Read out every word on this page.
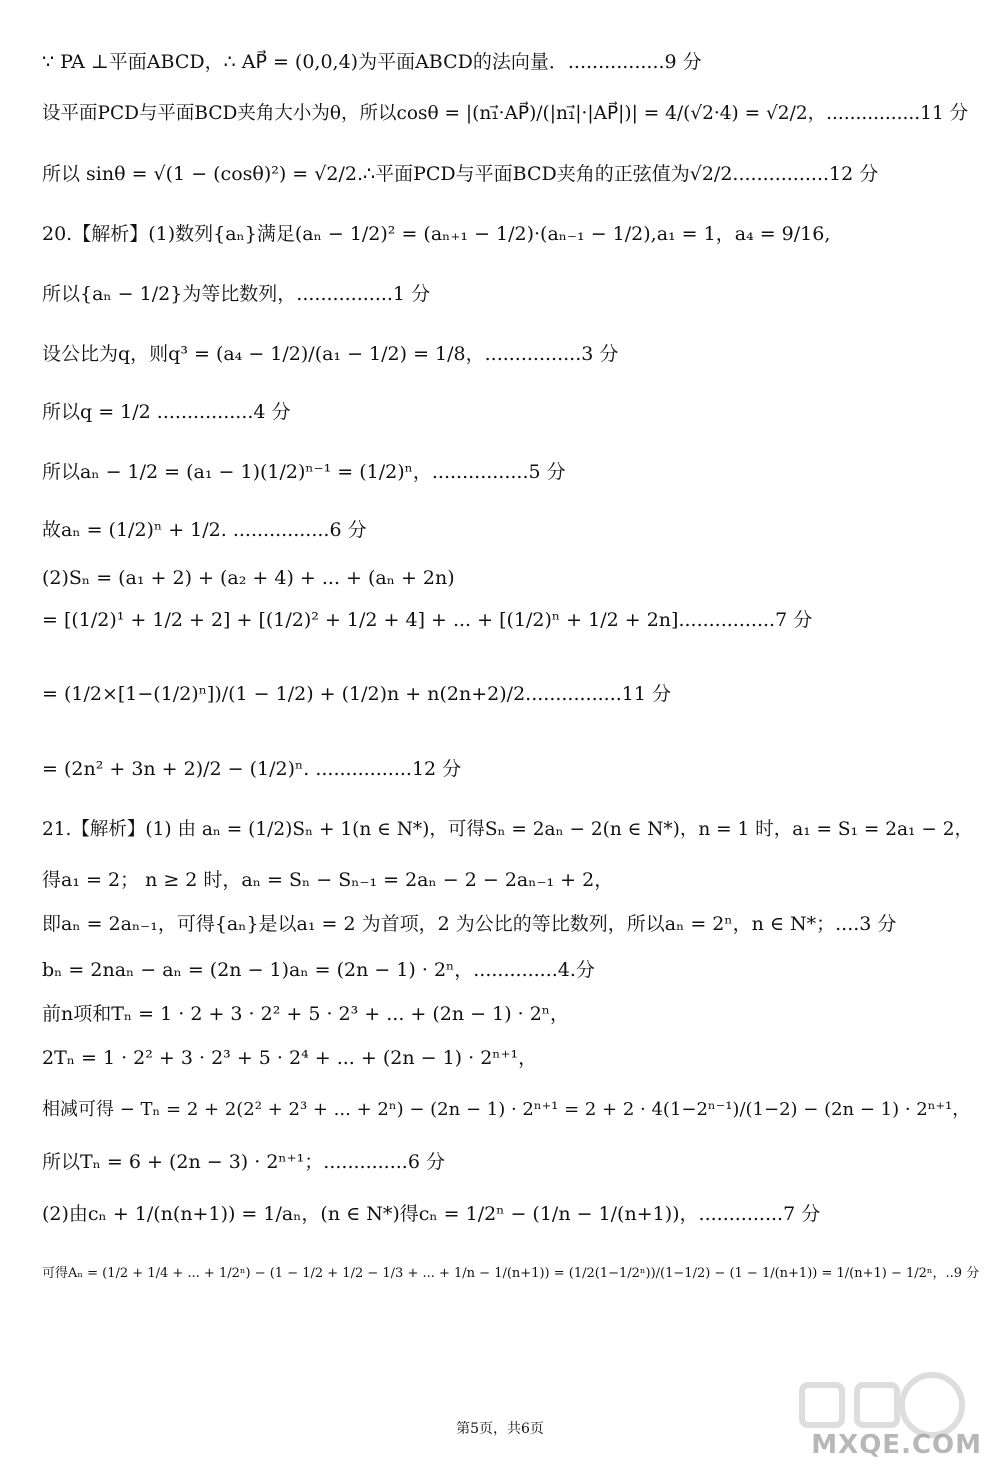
∵ PA ⊥平面ABCD，∴ AP⃗ = (0,0,4)为平面ABCD的法向量．................9 分
设平面PCD与平面BCD夹角大小为θ，所以cosθ = |(n₁⃗·AP⃗)/(|n₁⃗|·|AP⃗|)| = 4/(√2·4) = √2/2，................11 分
所以 sinθ = √(1 − (cosθ)²) = √2/2.∴平面PCD与平面BCD夹角的正弦值为√2/2................12 分
20.【解析】(1)数列{aₙ}满足(aₙ − 1/2)² = (aₙ₊₁ − 1/2)·(aₙ₋₁ − 1/2),a₁ = 1，a₄ = 9/16,
所以{aₙ − 1/2}为等比数列，................1 分
设公比为q，则q³ = (a₄ − 1/2)/(a₁ − 1/2) = 1/8，................3 分
所以q = 1/2 ................4 分
所以aₙ − 1/2 = (a₁ − 1)(1/2)ⁿ⁻¹ = (1/2)ⁿ，................5 分
故aₙ = (1/2)ⁿ + 1/2. ................6 分
(2)Sₙ = (a₁ + 2) + (a₂ + 4) + ... + (aₙ + 2n)
= [(1/2)¹ + 1/2 + 2] + [(1/2)² + 1/2 + 4] + ... + [(1/2)ⁿ + 1/2 + 2n]................7 分
= (1/2×[1−(1/2)ⁿ])/(1 − 1/2) + (1/2)n + n(2n+2)/2................11 分
= (2n² + 3n + 2)/2 − (1/2)ⁿ. ................12 分
21.【解析】(1) 由 aₙ = (1/2)Sₙ + 1(n ∈ N*)，可得Sₙ = 2aₙ − 2(n ∈ N*)，n = 1 时，a₁ = S₁ = 2a₁ − 2，
得a₁ = 2； n ≥ 2 时，aₙ = Sₙ − Sₙ₋₁ = 2aₙ − 2 − 2aₙ₋₁ + 2，
即aₙ = 2aₙ₋₁，可得{aₙ}是以a₁ = 2 为首项，2 为公比的等比数列，所以aₙ = 2ⁿ，n ∈ N*；....3 分
bₙ = 2naₙ − aₙ = (2n − 1)aₙ = (2n − 1) · 2ⁿ，..............4.分
前n项和Tₙ = 1 · 2 + 3 · 2² + 5 · 2³ + ... + (2n − 1) · 2ⁿ，
2Tₙ = 1 · 2² + 3 · 2³ + 5 · 2⁴ + ... + (2n − 1) · 2ⁿ⁺¹，
相减可得 − Tₙ = 2 + 2(2² + 2³ + ... + 2ⁿ) − (2n − 1) · 2ⁿ⁺¹ = 2 + 2 · 4(1−2ⁿ⁻¹)/(1−2) − (2n − 1) · 2ⁿ⁺¹，
所以Tₙ = 6 + (2n − 3) · 2ⁿ⁺¹；..............6 分
(2)由cₙ + 1/(n(n+1)) = 1/aₙ，(n ∈ N*)得cₙ = 1/2ⁿ − (1/n − 1/(n+1))，..............7 分
可得Aₙ = (1/2 + 1/4 + ... + 1/2ⁿ) − (1 − 1/2 + 1/2 − 1/3 + ... + 1/n − 1/(n+1)) = (1/2(1−1/2ⁿ))/(1−1/2) − (1 − 1/(n+1)) = 1/(n+1) − 1/2ⁿ，..9 分
第5页，共6页
MXQE.COM
